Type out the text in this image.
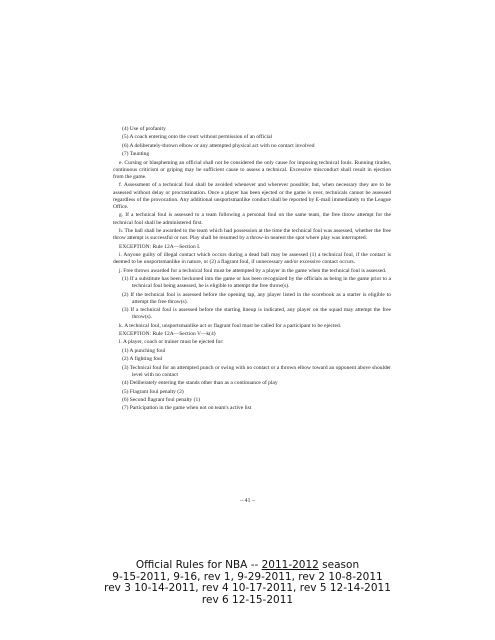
(4) Use of profanity
(5) A coach entering onto the court without permission of an official
(6) A deliberately-thrown elbow or any attempted physical act with no contact involved
(7) Taunting

e. Cursing or blaspheming an official shall not be considered the only cause for imposing technical fouls. Running tirades, continuous criticism or griping may be sufficient cause to assess a technical. Excessive misconduct shall result in ejection from the game.

f. Assessment of a technical foul shall be avoided whenever and wherever possible; but, when necessary they are to be assessed without delay or procrastination. Once a player has been ejected or the game is over, technicals cannot be assessed regardless of the provocation. Any additional unsportsmanlike conduct shall be reported by E-mail immediately to the League Office.

g. If a technical foul is assessed to a team following a personal foul on the same team, the free throw attempt for the technical foul shall be administered first.

h. The ball shall be awarded to the team which had possession at the time the technical foul was assessed, whether the free throw attempt is successful or not. Play shall be resumed by a throw-in nearest the spot where play was interrupted.

EXCEPTION: Rule 12A—Section I.

i. Anyone guilty of illegal contact which occurs during a dead ball may be assessed (1) a technical foul, if the contact is deemed to be unsportsmanlike in nature, or (2) a flagrant foul, if unnecessary and/or excessive contact occurs.

j. Free throws awarded for a technical foul must be attempted by a player in the game when the technical foul is assessed.

(1) If a substitute has been beckoned into the game or has been recognized by the officials as being in the game prior to a technical foul being assessed, he is eligible to attempt the free throw(s).
(2) If the technical foul is assessed before the opening tap, any player listed in the scorebook as a starter is eligible to attempt the free throw(s).
(3) If a technical foul is assessed before the starting lineup is indicated, any player on the squad may attempt the free throw(s).

k. A technical foul, unsportsmanlike act or flagrant foul must be called for a participant to be ejected.

EXCEPTION: Rule 12A—Section V—k(4)

l. A player, coach or trainer must be ejected for:

(1) A punching foul
(2) A fighting foul
(3) Technical foul for an attempted punch or swing with no contact or a thrown elbow toward an opponent above shoulder level with no contact
(4) Deliberately entering the stands other than as a continuance of play
(5) Flagrant foul penalty (2)
(6) Second flagrant foul penalty (1)
(7) Participation in the game when not on team's active list
– 41 –
Official Rules for NBA -- 2011-2012 season
9-15-2011, 9-16, rev 1, 9-29-2011, rev 2 10-8-2011
rev 3 10-14-2011, rev 4 10-17-2011, rev 5 12-14-2011
rev 6 12-15-2011
